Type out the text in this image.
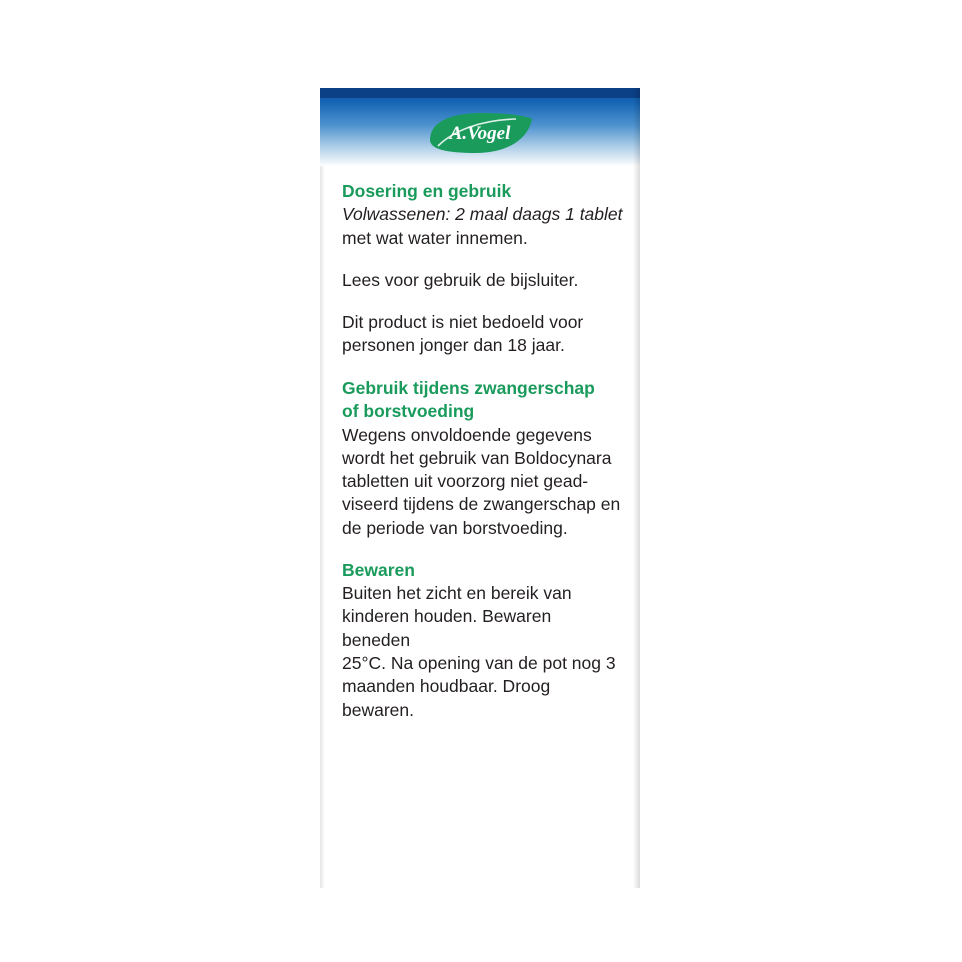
A.Vogel
Dosering en gebruik
Volwassenen: 2 maal daags 1 tablet
met wat water innemen.
Lees voor gebruik de bijsluiter.
Dit product is niet bedoeld voor
personen jonger dan 18 jaar.
Gebruik tijdens zwangerschap
of borstvoeding
Wegens onvoldoende gegevens
wordt het gebruik van Boldocynara
tabletten uit voorzorg niet gead-
viseerd tijdens de zwangerschap en
de periode van borstvoeding.
Bewaren
Buiten het zicht en bereik van
kinderen houden. Bewaren beneden
25°C. Na opening van de pot nog 3
maanden houdbaar. Droog bewaren.
